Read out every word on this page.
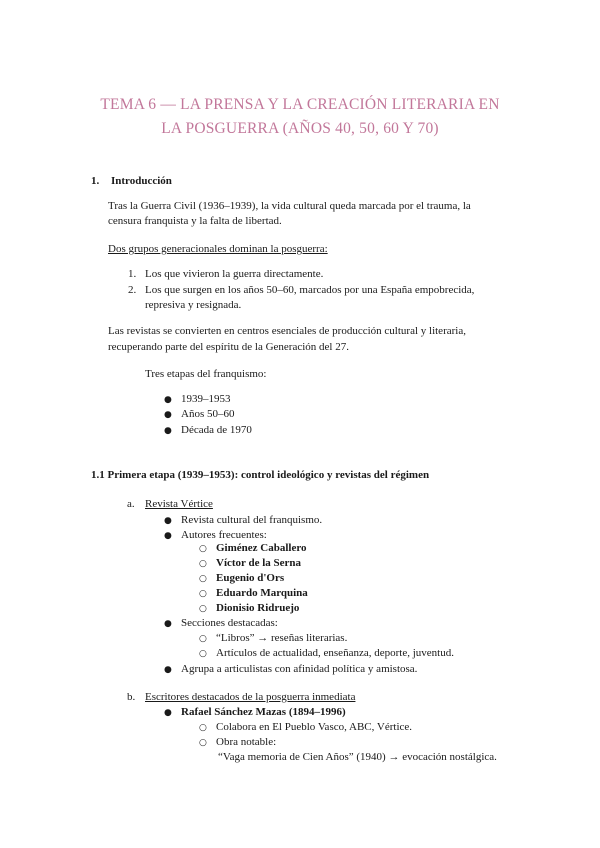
TEMA 6 — LA PRENSA Y LA CREACIÓN LITERARIA EN
LA POSGUERRA (AÑOS 40, 50, 60 Y 70)
1. Introducción
Tras la Guerra Civil (1936–1939), la vida cultural queda marcada por el trauma, la
censura franquista y la falta de libertad.
Dos grupos generacionales dominan la posguerra:
1. Los que vivieron la guerra directamente.
2. Los que surgen en los años 50–60, marcados por una España empobrecida,
represiva y resignada.
Las revistas se convierten en centros esenciales de producción cultural y literaria,
recuperando parte del espíritu de la Generación del 27.
Tres etapas del franquismo:
● 1939–1953
● Años 50–60
● Década de 1970
1.1 Primera etapa (1939–1953): control ideológico y revistas del régimen
a. Revista Vértice
● Revista cultural del franquismo.
● Autores frecuentes:
○ Giménez Caballero
○ Víctor de la Serna
○ Eugenio d'Ors
○ Eduardo Marquina
○ Dionisio Ridruejo
● Secciones destacadas:
○ “Libros” → reseñas literarias.
○ Artículos de actualidad, enseñanza, deporte, juventud.
● Agrupa a articulistas con afinidad política y amistosa.
b. Escritores destacados de la posguerra inmediata
● Rafael Sánchez Mazas (1894–1996)
○ Colabora en El Pueblo Vasco, ABC, Vértice.
○ Obra notable:
“Vaga memoria de Cien Años” (1940) → evocación nostálgica.
